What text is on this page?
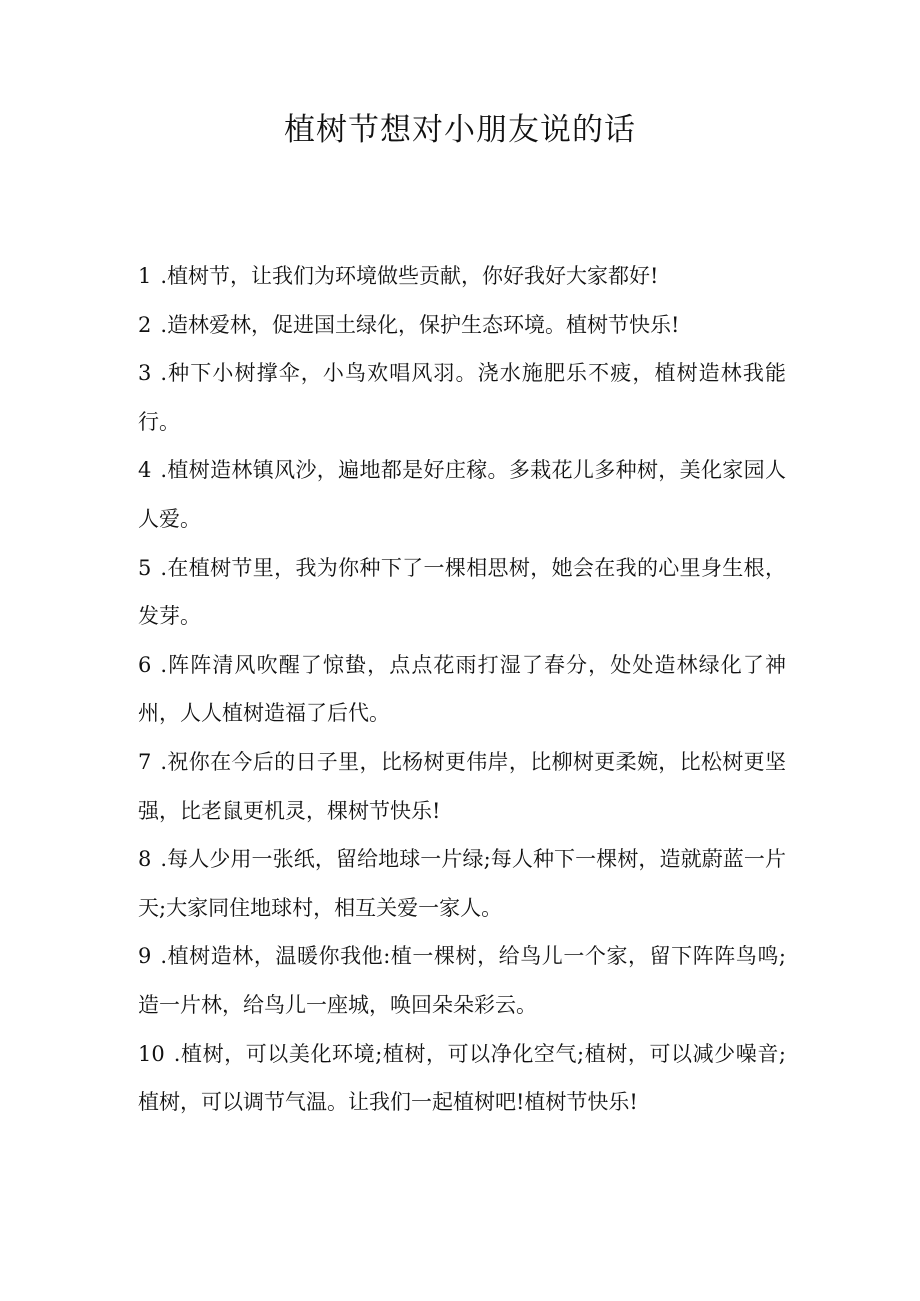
植树节想对小朋友说的话
1 .植树节，让我们为环境做些贡献，你好我好大家都好!
2 .造林爱林，促进国土绿化，保护生态环境。植树节快乐!
3 .种下小树撑伞，小鸟欢唱风羽。浇水施肥乐不疲，植树造林我能行。
4 .植树造林镇风沙，遍地都是好庄稼。多栽花儿多种树，美化家园人人爱。
5 .在植树节里，我为你种下了一棵相思树，她会在我的心里身生根，发芽。
6 .阵阵清风吹醒了惊蛰，点点花雨打湿了春分，处处造林绿化了神州，人人植树造福了后代。
7 .祝你在今后的日子里，比杨树更伟岸，比柳树更柔婉，比松树更坚强，比老鼠更机灵，棵树节快乐!
8 .每人少用一张纸，留给地球一片绿;每人种下一棵树，造就蔚蓝一片天;大家同住地球村，相互关爱一家人。
9 .植树造林，温暖你我他:植一棵树，给鸟儿一个家，留下阵阵鸟鸣;造一片林，给鸟儿一座城，唤回朵朵彩云。
10 .植树，可以美化环境;植树，可以净化空气;植树，可以减少噪音;植树，可以调节气温。让我们一起植树吧!植树节快乐!
